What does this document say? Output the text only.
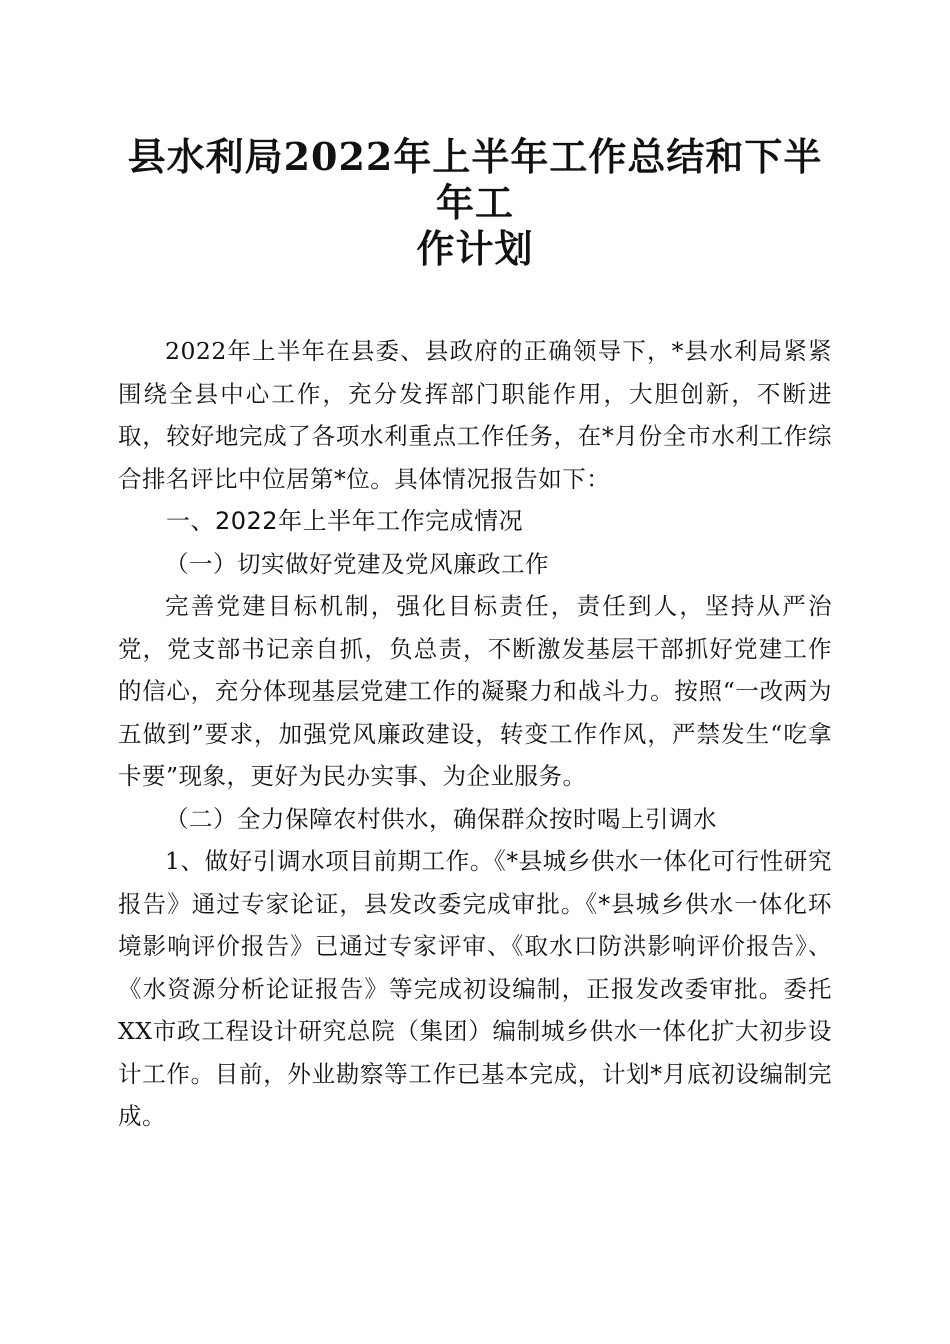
县水利局2022年上半年工作总结和下半年工
作计划

2022年上半年在县委、县政府的正确领导下，*县水利局紧紧围绕全县中心工作，充分发挥部门职能作用，大胆创新，不断进取，较好地完成了各项水利重点工作任务，在*月份全市水利工作综合排名评比中位居第*位。具体情况报告如下：

一、2022年上半年工作完成情况

（一）切实做好党建及党风廉政工作

完善党建目标机制，强化目标责任，责任到人，坚持从严治党，党支部书记亲自抓，负总责，不断激发基层干部抓好党建工作的信心，充分体现基层党建工作的凝聚力和战斗力。按照“一改两为五做到”要求，加强党风廉政建设，转变工作作风，严禁发生“吃拿卡要”现象，更好为民办实事、为企业服务。

（二）全力保障农村供水，确保群众按时喝上引调水

1、做好引调水项目前期工作。《*县城乡供水一体化可行性研究报告》通过专家论证，县发改委完成审批。《*县城乡供水一体化环境影响评价报告》已通过专家评审、《取水口防洪影响评价报告》、《水资源分析论证报告》等完成初设编制，正报发改委审批。委托XX市政工程设计研究总院（集团）编制城乡供水一体化扩大初步设计工作。目前，外业勘察等工作已基本完成，计划*月底初设编制完成。
